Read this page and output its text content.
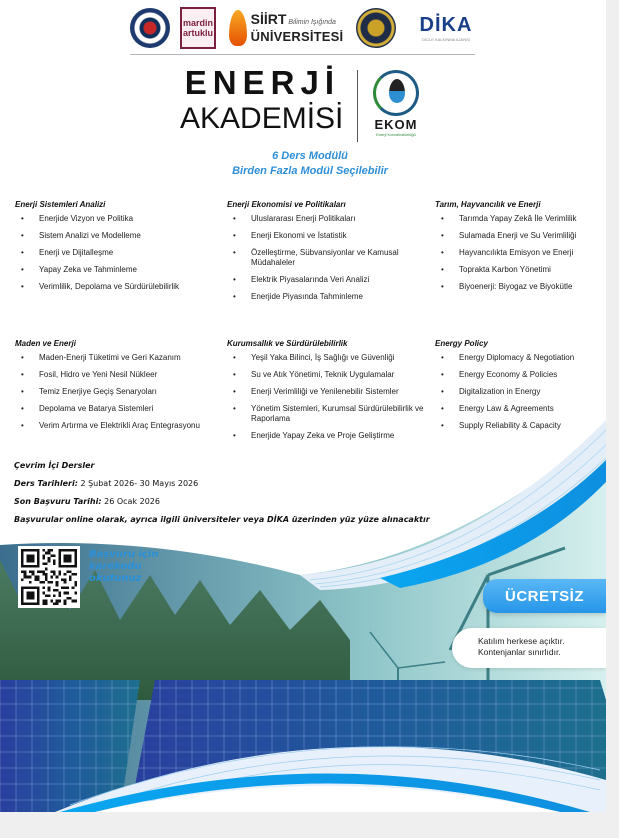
mardin
artuklu
SİİRT Bilimin Işığında
ÜNİVERSİTESİ
DİKA
DİCLE KALKINMA AJANSI
ENERJİ
AKADEMİSİ EKOM
Enerji Koordinatörlüğü
6 Ders Modülü
Birden Fazla Modül Seçilebilir
Enerji Sistemleri Analizi
• Enerjide Vizyon ve Politika
• Sistem Analizi ve Modelleme
• Enerji ve Dijitalleşme
• Yapay Zeka ve Tahminleme
• Verimlilik, Depolama ve Sürdürülebilirlik
Enerji Ekonomisi ve Politikaları
• Uluslararası Enerji Politikaları
• Enerji Ekonomi ve İstatistik
• Özelleştirme, Sübvansiyonlar ve Kamusal Müdahaleler
• Elektrik Piyasalarında Veri Analizi
• Enerjide Piyasında Tahminleme
Tarım, Hayvancılık ve Enerji
• Tarımda Yapay Zekâ İle Verimlilik
• Sulamada Enerji ve Su Verimliliği
• Hayvancılıkta Emisyon ve Enerji
• Toprakta Karbon Yönetimi
• Biyoenerji: Biyogaz ve Biyokütle
Maden ve Enerji
• Maden-Enerji Tüketimi ve Geri Kazanım
• Fosil, Hidro ve Yeni Nesil Nükleer
• Temiz Enerjiye Geçiş Senaryoları
• Depolama ve Batarya Sistemleri
• Verim Artırma ve Elektrikli Araç Entegrasyonu
Kurumsallık ve Sürdürülebilirlik
• Yeşil Yaka Bilinci, İş Sağlığı ve Güvenliği
• Su ve Atık Yönetimi, Teknik Uygulamalar
• Enerji Verimliliği ve Yenilenebilir Sistemler
• Yönetim Sistemleri, Kurumsal Sürdürülebilirlik ve Raporlama
• Enerjide Yapay Zeka ve Proje Geliştirme
Energy Policy
• Energy Diplomacy & Negotiation
• Energy Economy & Policies
• Digitalization in Energy
• Energy Law & Agreements
• Supply Reliability & Capacity

Çevrim İçi Dersler

Ders Tarihleri: 2 Şubat 2026- 30 Mayıs 2026

Son Başvuru Tarihi: 26 Ocak 2026

Başvurular online olarak, ayrıca ilgili üniversiteler veya DİKA üzerinden yüz yüze alınacaktır

Başvuru için
karekodu
okutunuz
ÜCRETSİZ
Katılım herkese açıktır.
Kontenjanlar sınırlıdır.
